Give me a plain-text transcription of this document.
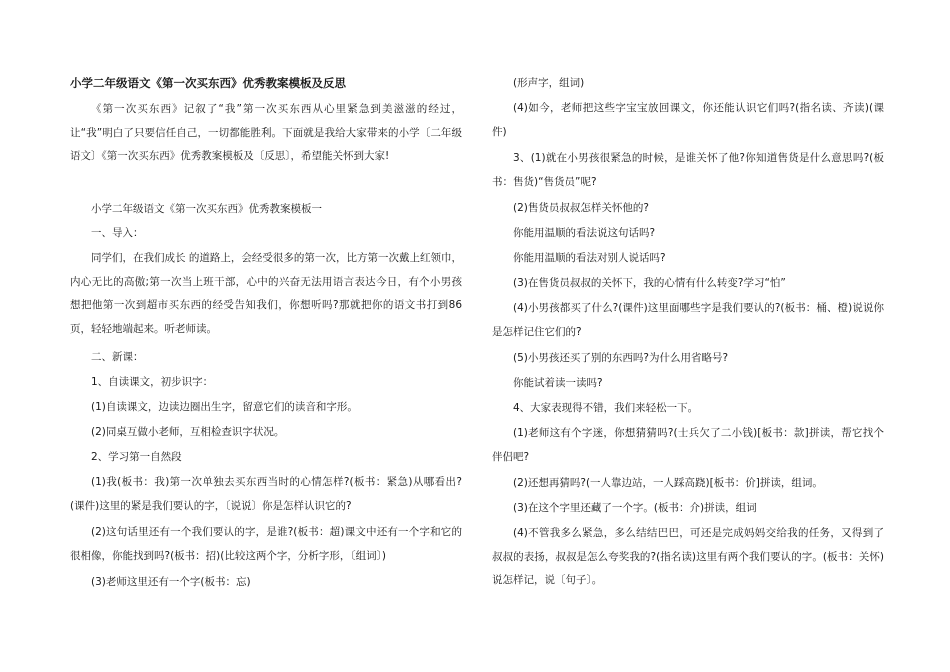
小学二年级语文《第一次买东西》优秀教案模板及反思

《第一次买东西》记叙了“我”第一次买东西从心里紧急到美滋滋的经过，让“我”明白了只要信任自己，一切都能胜利。下面就是我给大家带来的小学〔二年级语文〕《第一次买东西》优秀教案模板及〔反思〕，希望能关怀到大家!

小学二年级语文《第一次买东西》优秀教案模板一

一、导入：

同学们，在我们成长 的道路上，会经受很多的第一次，比方第一次戴上红领巾，内心无比的高傲;第一次当上班干部，心中的兴奋无法用语言表达今日，有个小男孩想把他第一次到超市买东西的经受告知我们，你想听吗?那就把你的语文书打到86页，轻轻地端起来。听老师读。

二、新课：

1、自读课文，初步识字：

(1)自读课文，边读边圈出生字，留意它们的读音和字形。

(2)同桌互做小老师，互相检查识字状况。

2、学习第一自然段

(1)我(板书：我)第一次单独去买东西当时的心情怎样?(板书：紧急)从哪看出?(课件)这里的紧是我们要认的字，〔说说〕你是怎样认识它的?

(2)这句话里还有一个我们要认的字，是谁?(板书：超)课文中还有一个字和它的很相像，你能找到吗?(板书：招)(比较这两个字，分析字形，〔组词〕)

(3)老师这里还有一个字(板书：忘)

(形声字，组词)

(4)如今，老师把这些字宝宝放回课文，你还能认识它们吗?(指名读、齐读)(课件)

3、(1)就在小男孩很紧急的时候，是谁关怀了他?你知道售货是什么意思吗?(板书：售货)“售货员”呢?

(2)售货员叔叔怎样关怀他的?

你能用温顺的看法说这句话吗?

你能用温顺的看法对别人说话吗?

(3)在售货员叔叔的关怀下，我的心情有什么转变?学习“怕”

(4)小男孩都买了什么?(课件)这里面哪些字是我们要认的?(板书：桶、橙)说说你是怎样记住它们的?

(5)小男孩还买了别的东西吗?为什么用省略号?

你能试着读一读吗?

4、大家表现得不错，我们来轻松一下。

(1)老师这有个字迷，你想猜猜吗?(士兵欠了二小钱)[板书：款]拼读，帮它找个伴侣吧?

(2)还想再猜吗?(一人靠边站，一人踩高跷)[板书：价]拼读，组词。

(3)在这个字里还藏了一个字。(板书：介)拼读，组词

(4)不管我多么紧急，多么结结巴巴，可还是完成妈妈交给我的任务，又得到了叔叔的表扬，叔叔是怎么夸奖我的?(指名读)这里有两个我们要认的字。(板书：关怀)说怎样记，说〔句子〕。
